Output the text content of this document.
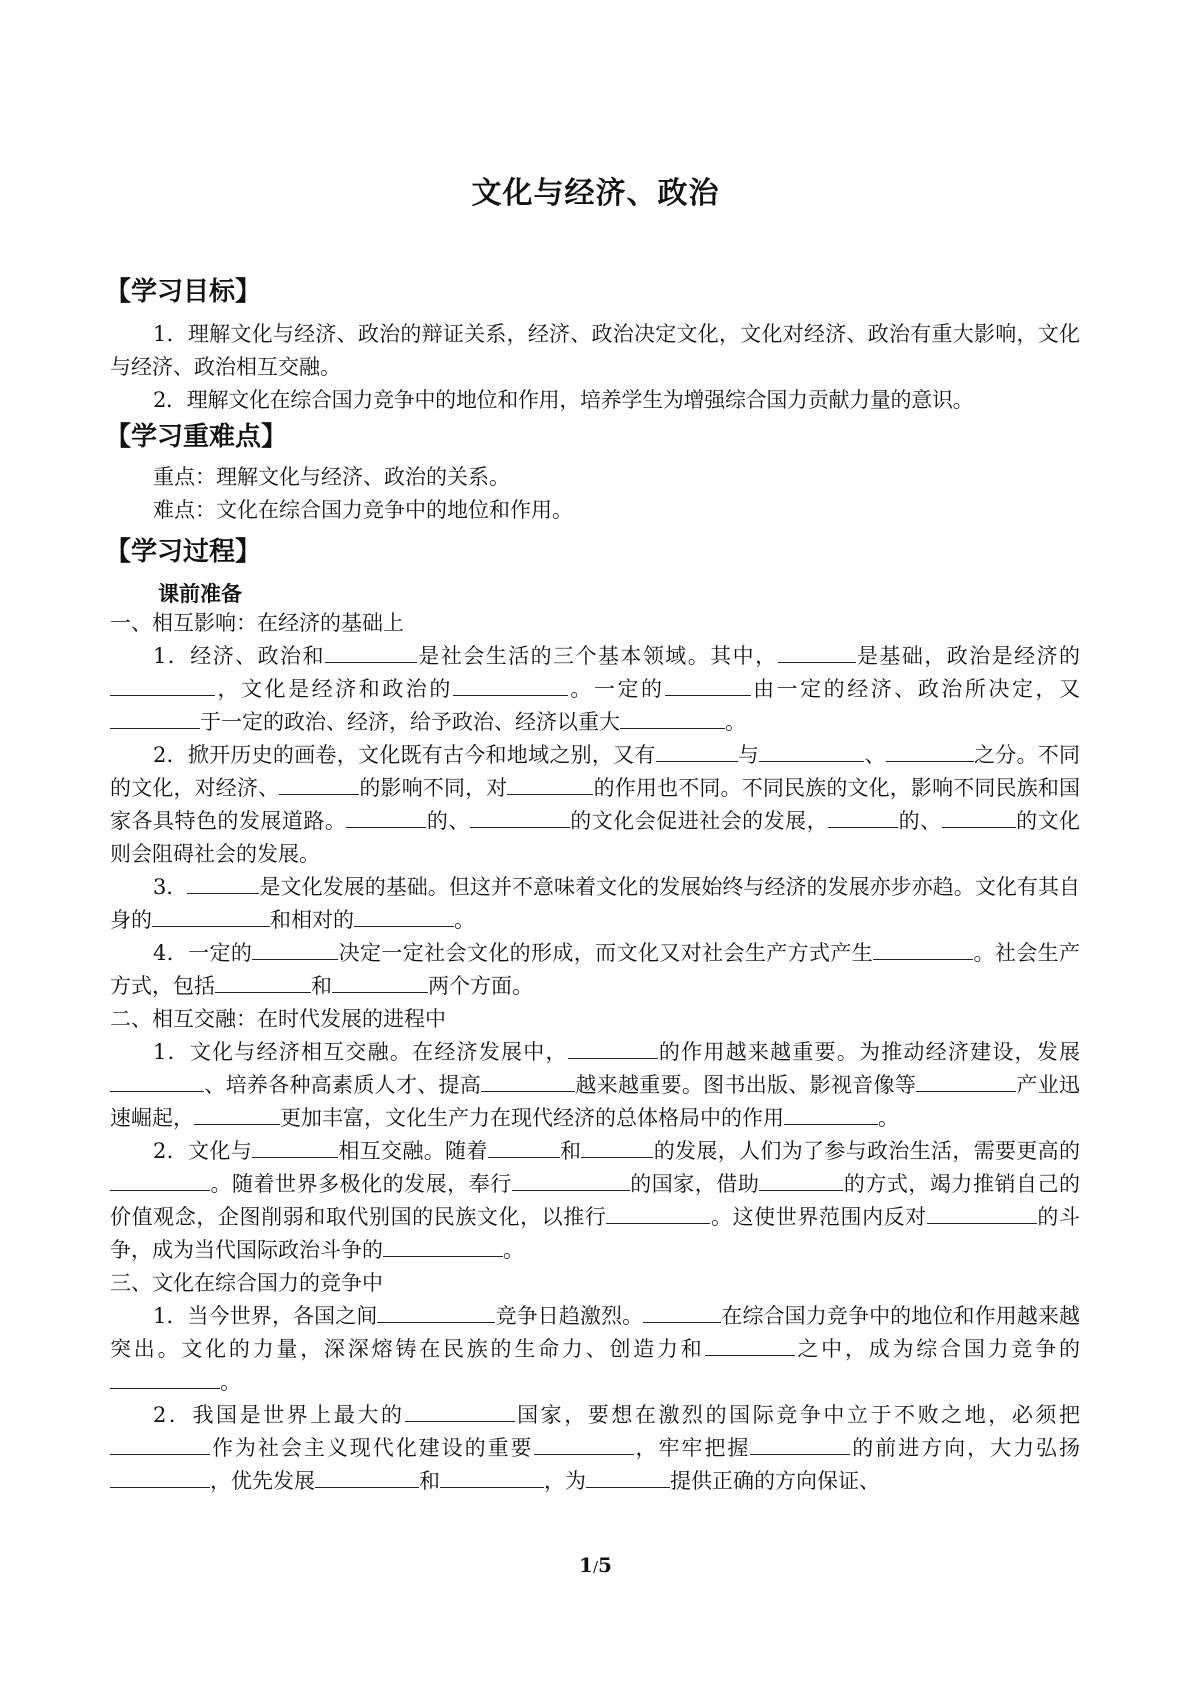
文化与经济、政治
【学习目标】

1．理解文化与经济、政治的辩证关系，经济、政治决定文化，文化对经济、政治有重大影响，文化与经济、政治相互交融。

2．理解文化在综合国力竞争中的地位和作用，培养学生为增强综合国力贡献力量的意识。

【学习重难点】

重点：理解文化与经济、政治的关系。

难点：文化在综合国力竞争中的地位和作用。

【学习过程】
课前准备

一、相互影响：在经济的基础上

1．经济、政治和	是社会生活的三个基本领域。其中，	是基础，政治是经济的，文化是经济和政治的	。一定的	由一定的经济、政治所决定，又于一定的政治、经济，给予政治、经济以重大	。

2．掀开历史的画卷，文化既有古今和地域之别，又有	与	、	之分。不同的文化，对经济、	的影响不同，对	的作用也不同。不同民族的文化，影响不同民族和国家各具特色的发展道路。	的、	的文化会促进社会的发展，	的、	的文化则会阻碍社会的发展。

3．	是文化发展的基础。但这并不意味着文化的发展始终与经济的发展亦步亦趋。文化有其自身的	和相对的	。

4．一定的	决定一定社会文化的形成，而文化又对社会生产方式产生	。社会生产方式，包括	和	两个方面。

二、相互交融：在时代发展的进程中

1．文化与经济相互交融。在经济发展中，	的作用越来越重要。为推动经济建设，发展、培养各种高素质人才、提高	越来越重要。图书出版、影视音像等	产业迅速崛起，	更加丰富，文化生产力在现代经济的总体格局中的作用	。

2．文化与	相互交融。随着	和	的发展，人们为了参与政治生活，需要更高的。随着世界多极化的发展，奉行	的国家，借助	的方式，竭力推销自己的价值观念，企图削弱和取代别国的民族文化，以推行	。这使世界范围内反对	的斗争，成为当代国际政治斗争的	。

三、文化在综合国力的竞争中

1．当今世界，各国之间	竞争日趋激烈。	在综合国力竞争中的地位和作用越来越突出。文化的力量，深深熔铸在民族的生命力、创造力和	之中，成为综合国力竞争的。

2．我国是世界上最大的	国家，要想在激烈的国际竞争中立于不败之地，必须把作为社会主义现代化建设的重要	，牢牢把握	的前进方向，大力弘扬，优先发展	和	，为	提供正确的方向保证、

1/5
